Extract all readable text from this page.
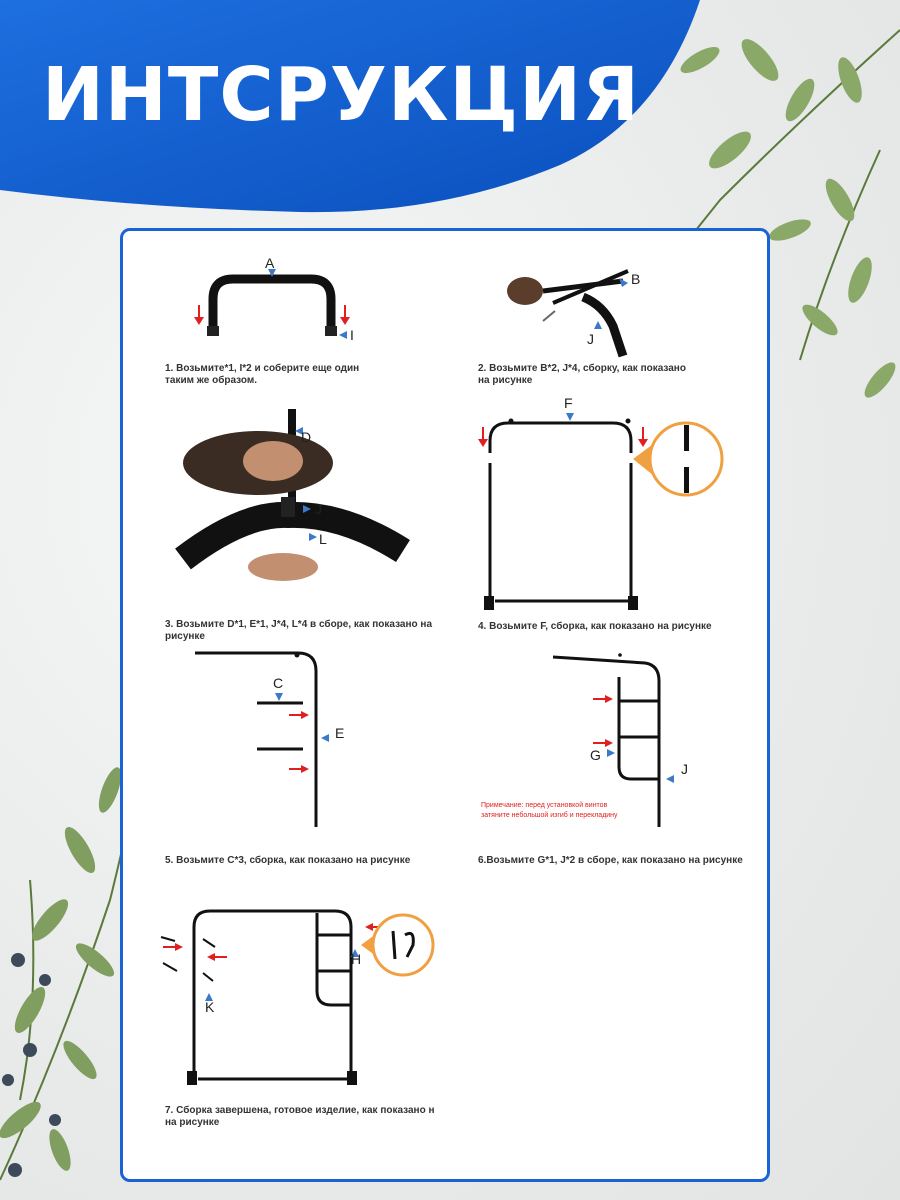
ИНТСРУКЦИЯ
A
I
1. Возьмите*1, I*2 и соберите еще один
таким же образом.
B
J
2. Возьмите B*2, J*4, сборку, как показано
на рисунке
D
J
L
3. Возьмите D*1, E*1, J*4, L*4 в сборе, как показано на
рисунке
F
4. Возьмите F, сборка, как показано на рисунке
C
E
5. Возьмите C*3, сборка, как показано на рисунке
G
J
Примечание: перед установкой винтов
затяните небольшой изгиб и перекладину
6.Возьмите G*1, J*2 в сборе, как показано на рисунке
H
K
7. Сборка завершена, готовое изделие, как показано н
на рисунке
